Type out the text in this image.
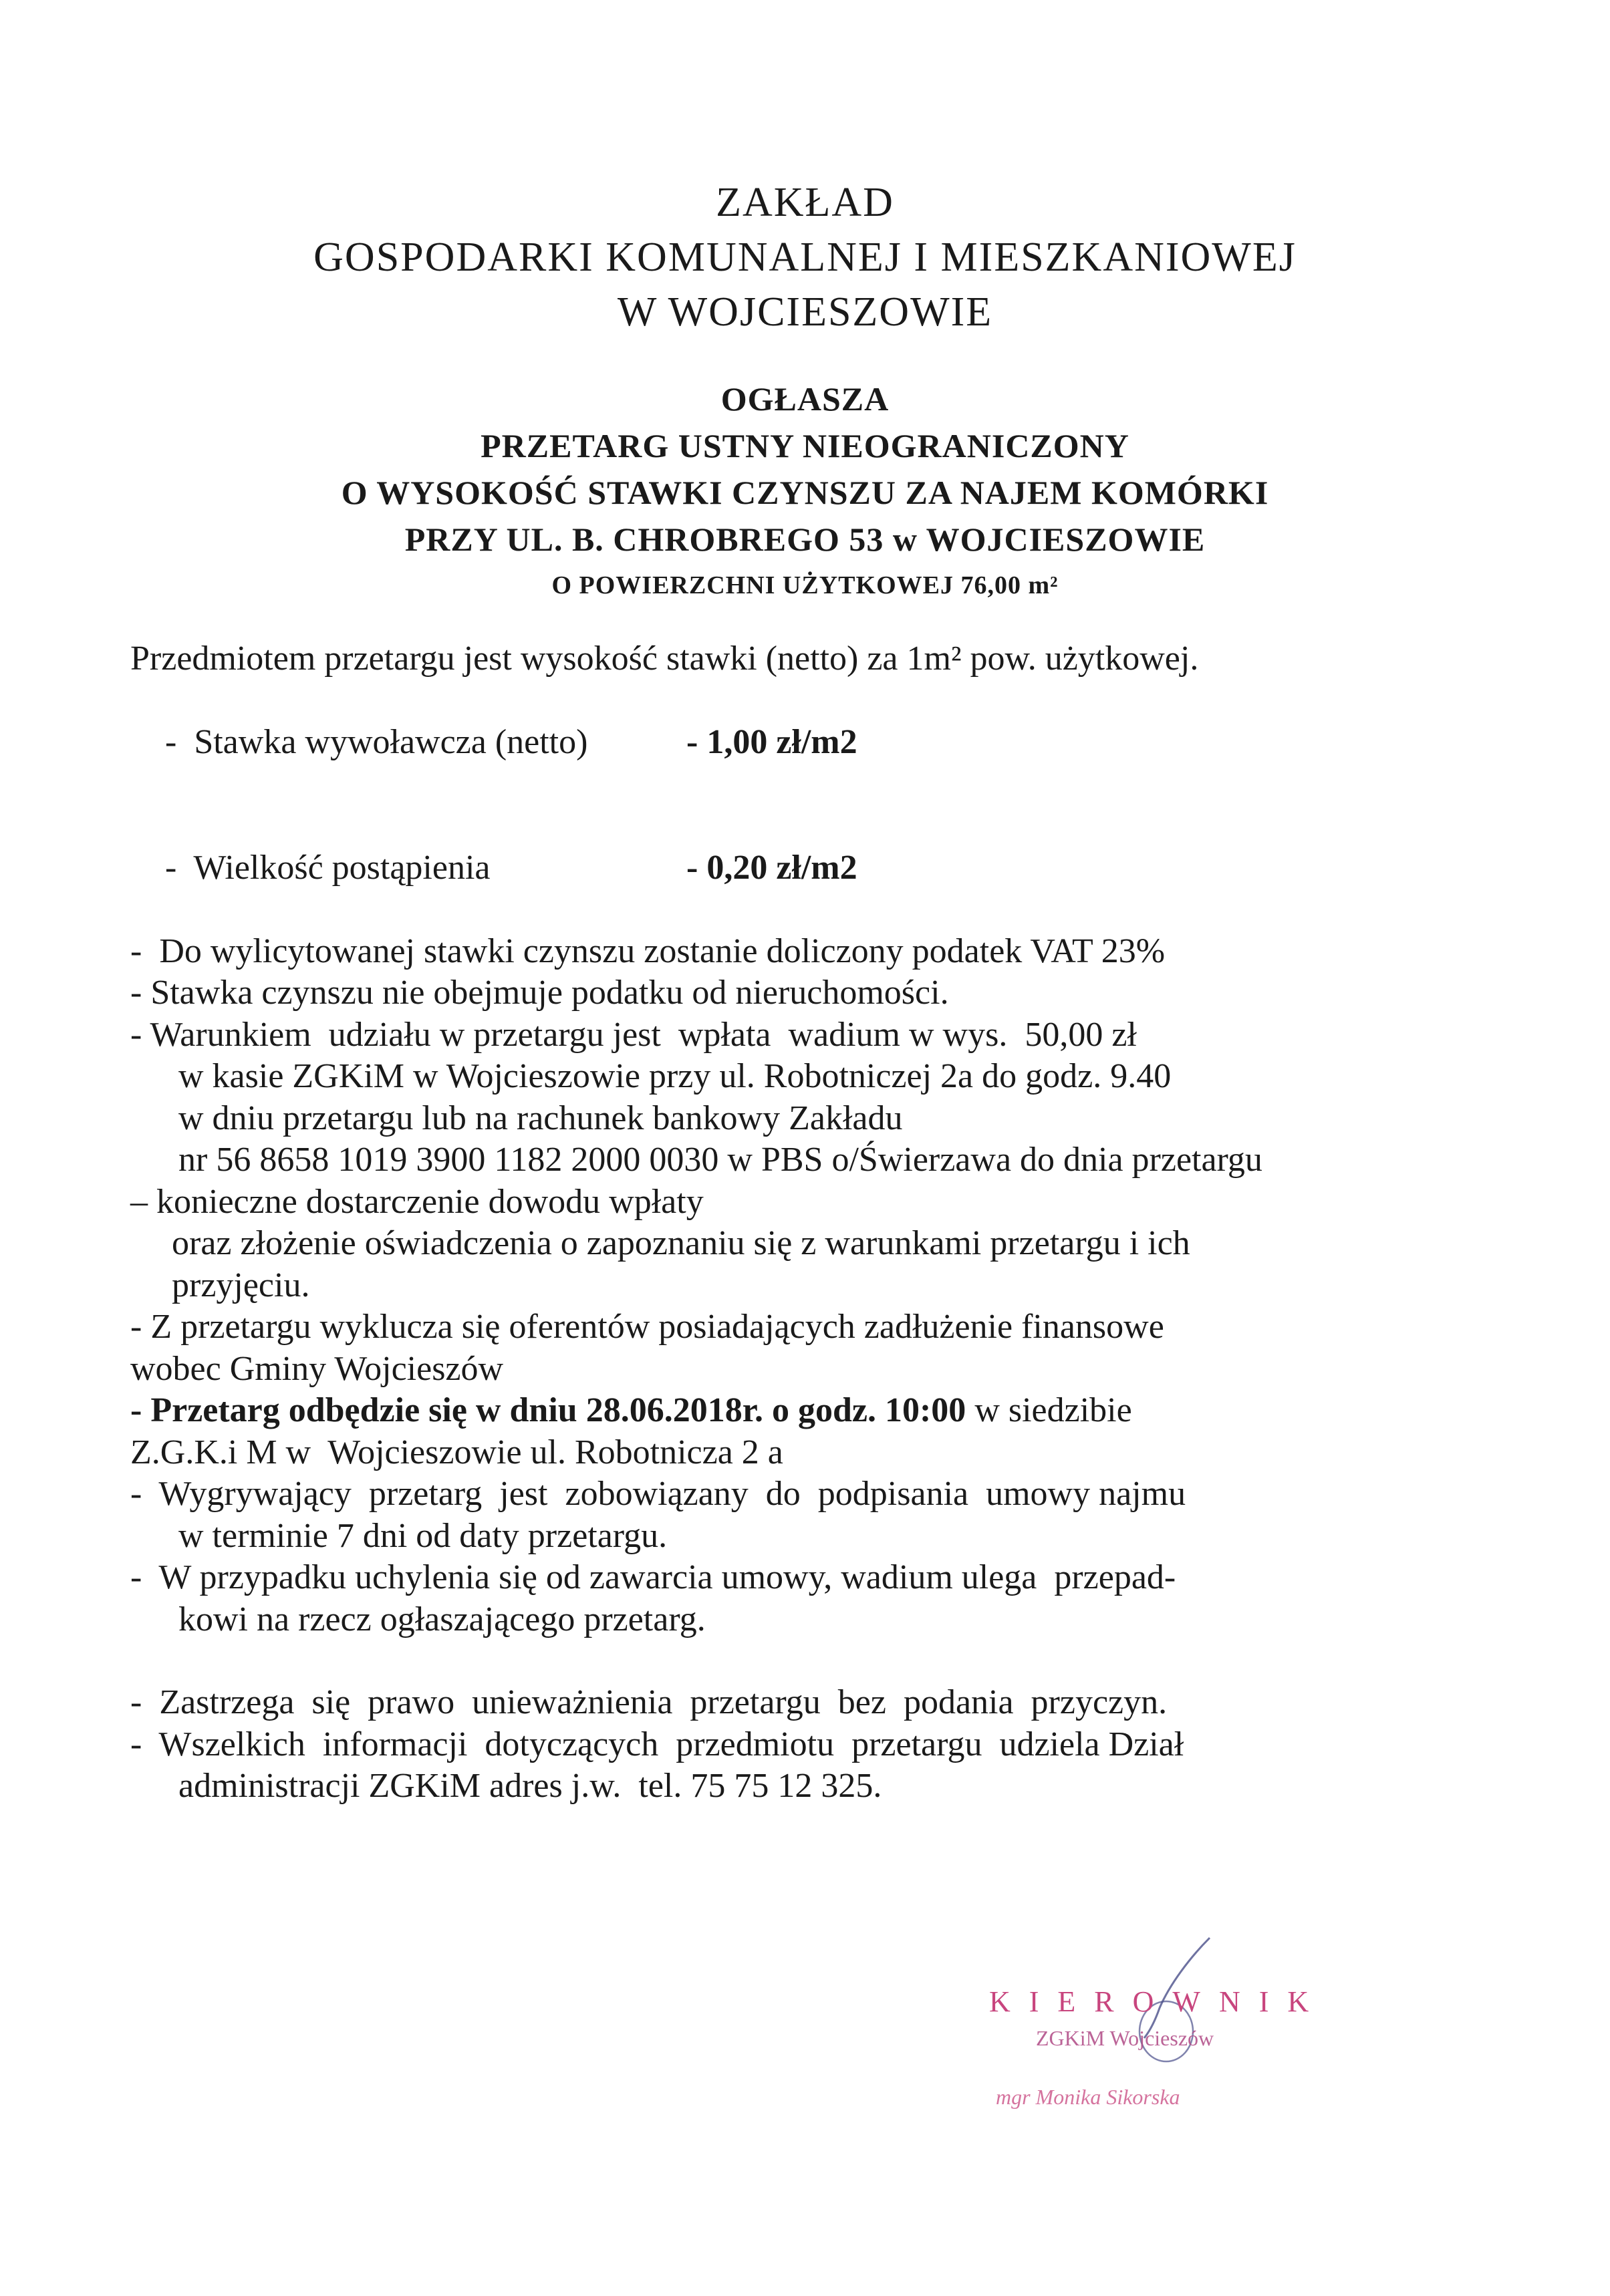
ZAKŁAD
GOSPODARKI KOMUNALNEJ I MIESZKANIOWEJ
W WOJCIESZOWIE
OGŁASZA
PRZETARG USTNY NIEOGRANICZONY
O WYSOKOŚĆ STAWKI CZYNSZU ZA NAJEM KOMÓRKI
PRZY UL. B. CHROBREGO 53 w WOJCIESZOWIE
O POWIERZCHNI UŻYTKOWEJ 76,00 m²
Przedmiotem przetargu jest wysokość stawki (netto) za 1m² pow. użytkowej.

-  Stawka wywoławcza (netto)	- 1,00 zł/m2

-  Wielkość postąpienia	- 0,20 zł/m2

-  Do wylicytowanej stawki czynszu zostanie doliczony podatek VAT 23%
- Stawka czynszu nie obejmuje podatku od nieruchomości.
- Warunkiem  udziału w przetargu jest  wpłata  wadium w wys.  50,00 zł
w kasie ZGKiM w Wojcieszowie przy ul. Robotniczej 2a do godz. 9.40
w dniu przetargu lub na rachunek bankowy Zakładu
nr 56 8658 1019 3900 1182 2000 0030 w PBS o/Świerzawa do dnia przetargu
– konieczne dostarczenie dowodu wpłaty
oraz złożenie oświadczenia o zapoznaniu się z warunkami przetargu i ich
przyjęciu.
- Z przetargu wyklucza się oferentów posiadających zadłużenie finansowe
wobec Gminy Wojcieszów
- Przetarg odbędzie się w dniu 28.06.2018r. o godz. 10:00 w siedzibie
Z.G.K.i M w  Wojcieszowie ul. Robotnicza 2 a
-  Wygrywający  przetarg  jest  zobowiązany  do  podpisania  umowy najmu
w terminie 7 dni od daty przetargu.
-  W przypadku uchylenia się od zawarcia umowy, wadium ulega  przepad-
kowi na rzecz ogłaszającego przetarg.
-  Zastrzega  się  prawo  unieważnienia  przetargu  bez  podania  przyczyn.
-  Wszelkich  informacji  dotyczących  przedmiotu  przetargu  udziela Dział
administracji ZGKiM adres j.w.  tel. 75 75 12 325.
KIEROWNIK
ZGKiM Wojcieszów
mgr Monika Sikorska
